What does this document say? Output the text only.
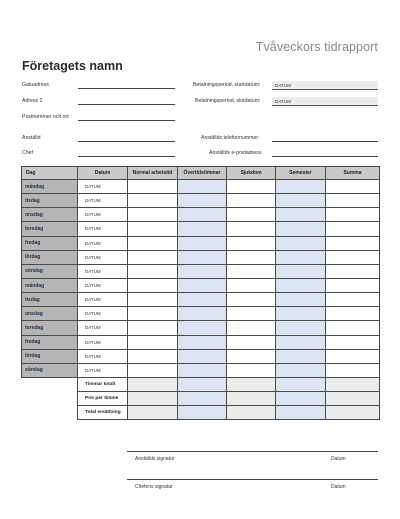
Tvåveckors tidrapport
Företagets namn
Gatuadress
Adress 2
Postnummer och ort
Betalningsperiod, startdatum:	DATUM
Betalningsperiod, slutdatum:	DATUM
Anställd
Chef
Anställds telefonnummer:
Anställds e-postadress
Dag	Datum	Normal arbetstid	Övertidstimmar	Sjukdom	Semester	Summa
måndag	DATUM					
tisdag	DATUM					
onsdag	DATUM					
torsdag	DATUM					
fredag	DATUM					
lördag	DATUM					
söndag	DATUM					
måndag	DATUM					
tisdag	DATUM					
onsdag	DATUM					
torsdag	DATUM					
fredag	DATUM					
lördag	DATUM					
söndag	DATUM					
	Timmar totalt					
	Pris per timme					
	Total ersättning					
Anställds signatur	Datum
Chefens signatur	Datum
